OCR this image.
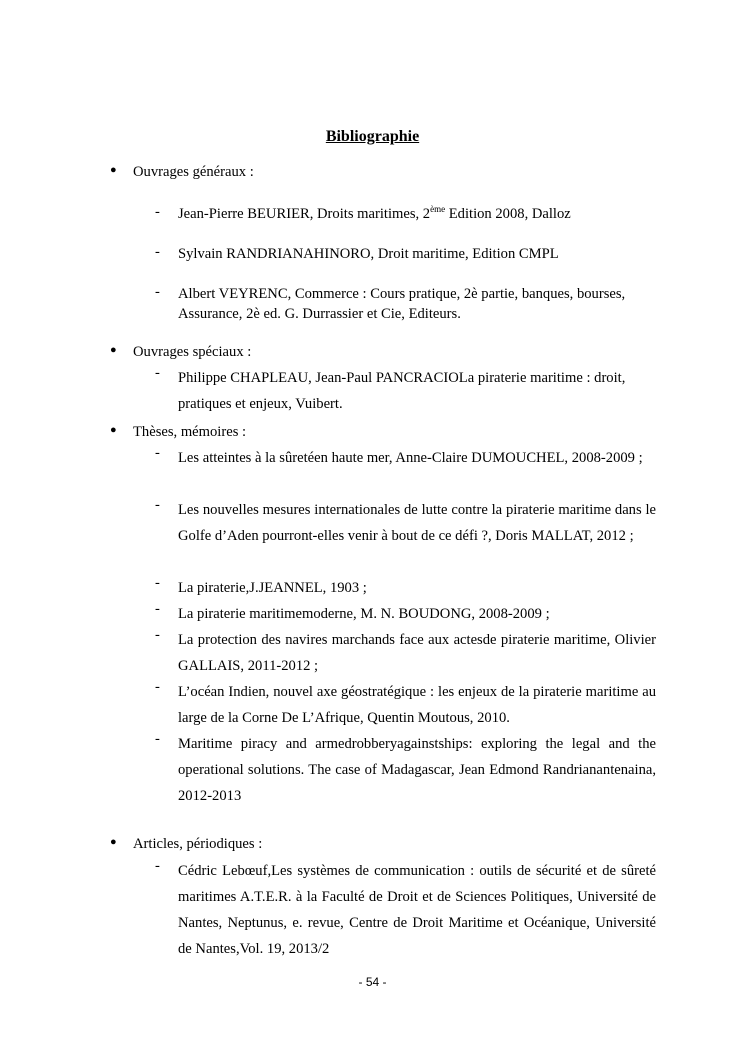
Bibliographie
● Ouvrages généraux :
- Jean-Pierre BEURIER, Droits maritimes, 2ème Edition 2008, Dalloz
- Sylvain RANDRIANAHINORO, Droit maritime, Edition CMPL
- Albert VEYRENC, Commerce : Cours pratique, 2è partie, banques, bourses, Assurance, 2è ed. G. Durrassier et Cie, Editeurs.
● Ouvrages spéciaux :
- Philippe CHAPLEAU, Jean-Paul PANCRACIOLa piraterie maritime : droit, pratiques et enjeux, Vuibert.
● Thèses, mémoires :
- Les atteintes à la sûretéen haute mer, Anne-Claire DUMOUCHEL, 2008-2009 ;
- Les nouvelles mesures internationales de lutte contre la piraterie maritime dans le Golfe d’Aden pourront-elles venir à bout de ce défi ?, Doris MALLAT, 2012 ;
- La piraterie,J.JEANNEL, 1903 ;
- La piraterie maritimemoderne, M. N. BOUDONG, 2008-2009 ;
- La protection des navires marchands face aux actesde piraterie maritime, Olivier GALLAIS, 2011-2012 ;
- L’océan Indien, nouvel axe géostratégique : les enjeux de la piraterie maritime au large de la Corne De L’Afrique, Quentin Moutous, 2010.
- Maritime piracy and armedrobberyagainstships: exploring the legal and the operational solutions. The case of Madagascar, Jean Edmond Randrianantenaina, 2012-2013
● Articles, périodiques :
- Cédric Lebœuf,Les systèmes de communication : outils de sécurité et de sûreté maritimes A.T.E.R. à la Faculté de Droit et de Sciences Politiques, Université de Nantes, Neptunus, e. revue, Centre de Droit Maritime et Océanique, Université de Nantes,Vol. 19, 2013/2
- 54 -
